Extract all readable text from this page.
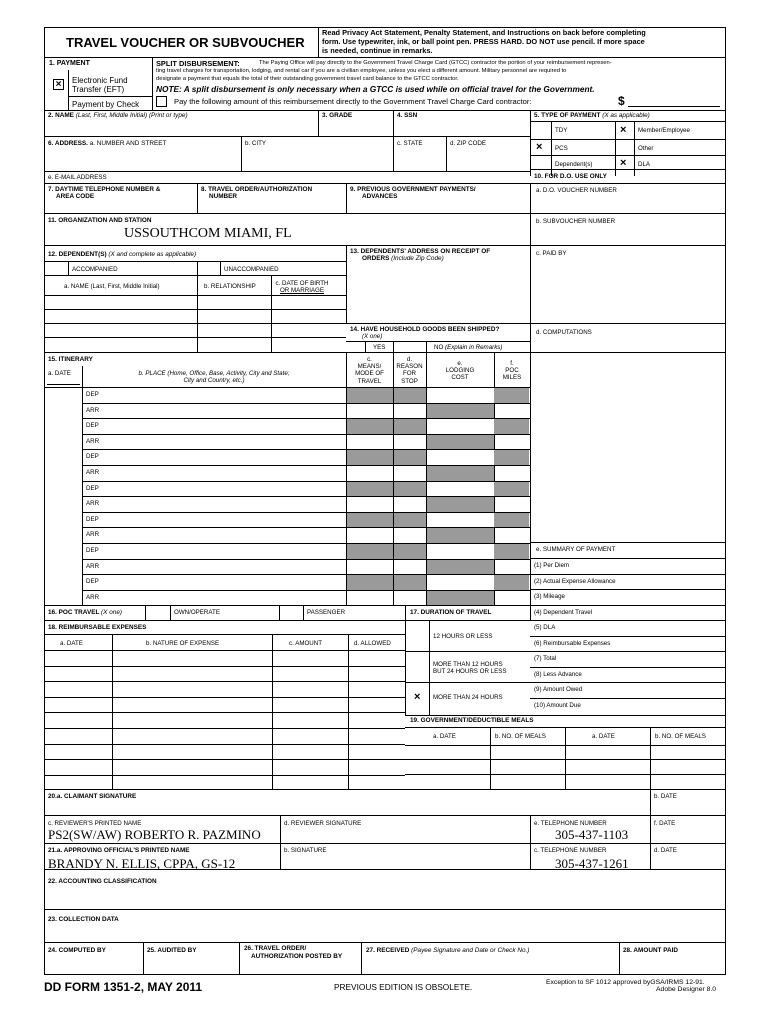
TRAVEL VOUCHER OR SUBVOUCHER
Read Privacy Act Statement, Penalty Statement, and Instructions on back before completing
form. Use typewriter, ink, or ball point pen. PRESS HARD. DO NOT use pencil. If more space
is needed, continue in remarks.
1. PAYMENT
×	Electronic Fund
Transfer (EFT)
Payment by Check
SPLIT DISBURSEMENT:	The Paying Office will pay directly to the Government Travel Charge Card (GTCC) contractor the portion of your reimbursement represen-
ting travel charges for transportation, lodging, and rental car if you are a civilian employee, unless you elect a different amount. Military personnel are required to
designate a payment that equals the total of their outstanding government travel card balance to the GTCC contractor.
NOTE: A split disbursement is only necessary when a GTCC is used while on official travel for the Government.
Pay the following amount of this reimbursement directly to the Government Travel Charge Card contractor:	$
2. NAME (Last, First, Middle Initial) (Print or type)	3. GRADE	4. SSN	5. TYPE OF PAYMENT (X as applicable)
TDY	× Member/Employee
× PCS	Other
Dependent(s)	× DLA
6. ADDRESS. a. NUMBER AND STREET	b. CITY	c. STATE	d. ZIP CODE
e. E-MAIL ADDRESS	10. FOR D.O. USE ONLY
7. DAYTIME TELEPHONE NUMBER &
AREA CODE
8. TRAVEL ORDER/AUTHORIZATION
NUMBER
9. PREVIOUS GOVERNMENT PAYMENTS/
ADVANCES
a. D.O. VOUCHER NUMBER
11. ORGANIZATION AND STATION
USSOUTHCOM MIAMI, FL
b. SUBVOUCHER NUMBER
12. DEPENDENT(S) (X and complete as applicable)	13. DEPENDENTS' ADDRESS ON RECEIPT OF
ORDERS (Include Zip Code)
c. PAID BY
ACCOMPANIED	UNACCOMPANIED
a. NAME (Last, First, Middle Initial)	b. RELATIONSHIP	c. DATE OF BIRTH
OR MARRIAGE
14. HAVE HOUSEHOLD GOODS BEEN SHIPPED?
(X one)
YES	NO (Explain in Remarks)
d. COMPUTATIONS
15. ITINERARY
a. DATE	b. PLACE (Home, Office, Base, Activity, City and State;
City and Country, etc.)
c.
MEANS/
MODE OF
TRAVEL
d.
REASON
FOR
STOP
e.
LODGING
COST
f.
POC
MILES
DEP
ARR
DEP
ARR
DEP
ARR
DEP
ARR
DEP
ARR
DEP
ARR
DEP
ARR
e. SUMMARY OF PAYMENT
(1) Per Diem
(2) Actual Expense Allowance
(3) Mileage
(4) Dependent Travel
(5) DLA
(6) Reimbursable Expenses
(7) Total
(8) Less Advance
(9) Amount Owed
(10) Amount Due
16. POC TRAVEL (X one)	OWN/OPERATE	PASSENGER	17. DURATION OF TRAVEL
12 HOURS OR LESS
MORE THAN 12 HOURS
BUT 24 HOURS OR LESS
× MORE THAN 24 HOURS
18. REIMBURSABLE EXPENSES
a. DATE	b. NATURE OF EXPENSE	c. AMOUNT	d. ALLOWED
19. GOVERNMENT/DEDUCTIBLE MEALS
a. DATE	b. NO. OF MEALS	a. DATE	b. NO. OF MEALS
20.a. CLAIMANT SIGNATURE	b. DATE
c. REVIEWER'S PRINTED NAME
PS2(SW/AW) ROBERTO R. PAZMINO
d. REVIEWER SIGNATURE	e. TELEPHONE NUMBER
305-437-1103
f. DATE
21.a. APPROVING OFFICIAL'S PRINTED NAME
BRANDY N. ELLIS, CPPA, GS-12
b. SIGNATURE	c. TELEPHONE NUMBER
305-437-1261
d. DATE
22. ACCOUNTING CLASSIFICATION
23. COLLECTION DATA
24. COMPUTED BY	25. AUDITED BY	26. TRAVEL ORDER/
AUTHORIZATION POSTED BY
27. RECEIVED (Payee Signature and Date or Check No.)	28. AMOUNT PAID
DD FORM 1351-2, MAY 2011	PREVIOUS EDITION IS OBSOLETE.	Exception to SF 1012 approved byGSA/IRMS 12-91.
Adobe Designer 8.0
